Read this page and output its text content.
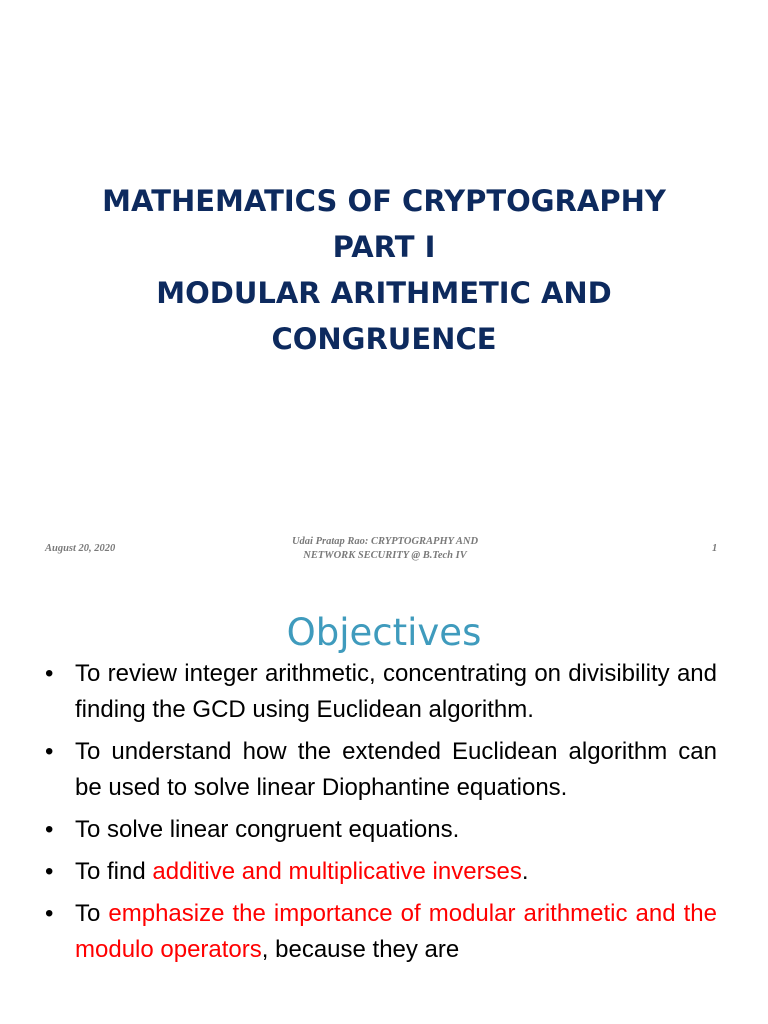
MATHEMATICS OF CRYPTOGRAPHY
PART I
MODULAR ARITHMETIC AND
CONGRUENCE
August 20, 2020
Udai Pratap Rao: CRYPTOGRAPHY AND
NETWORK SECURITY @ B.Tech IV
1
Objectives
• To review integer arithmetic, concentrating on divisibility and finding the GCD using Euclidean algorithm.
• To understand how the extended Euclidean algorithm can be used to solve linear Diophantine equations.
• To solve linear congruent equations.
• To find additive and multiplicative inverses.
• To emphasize the importance of modular arithmetic and the modulo operators, because they are
